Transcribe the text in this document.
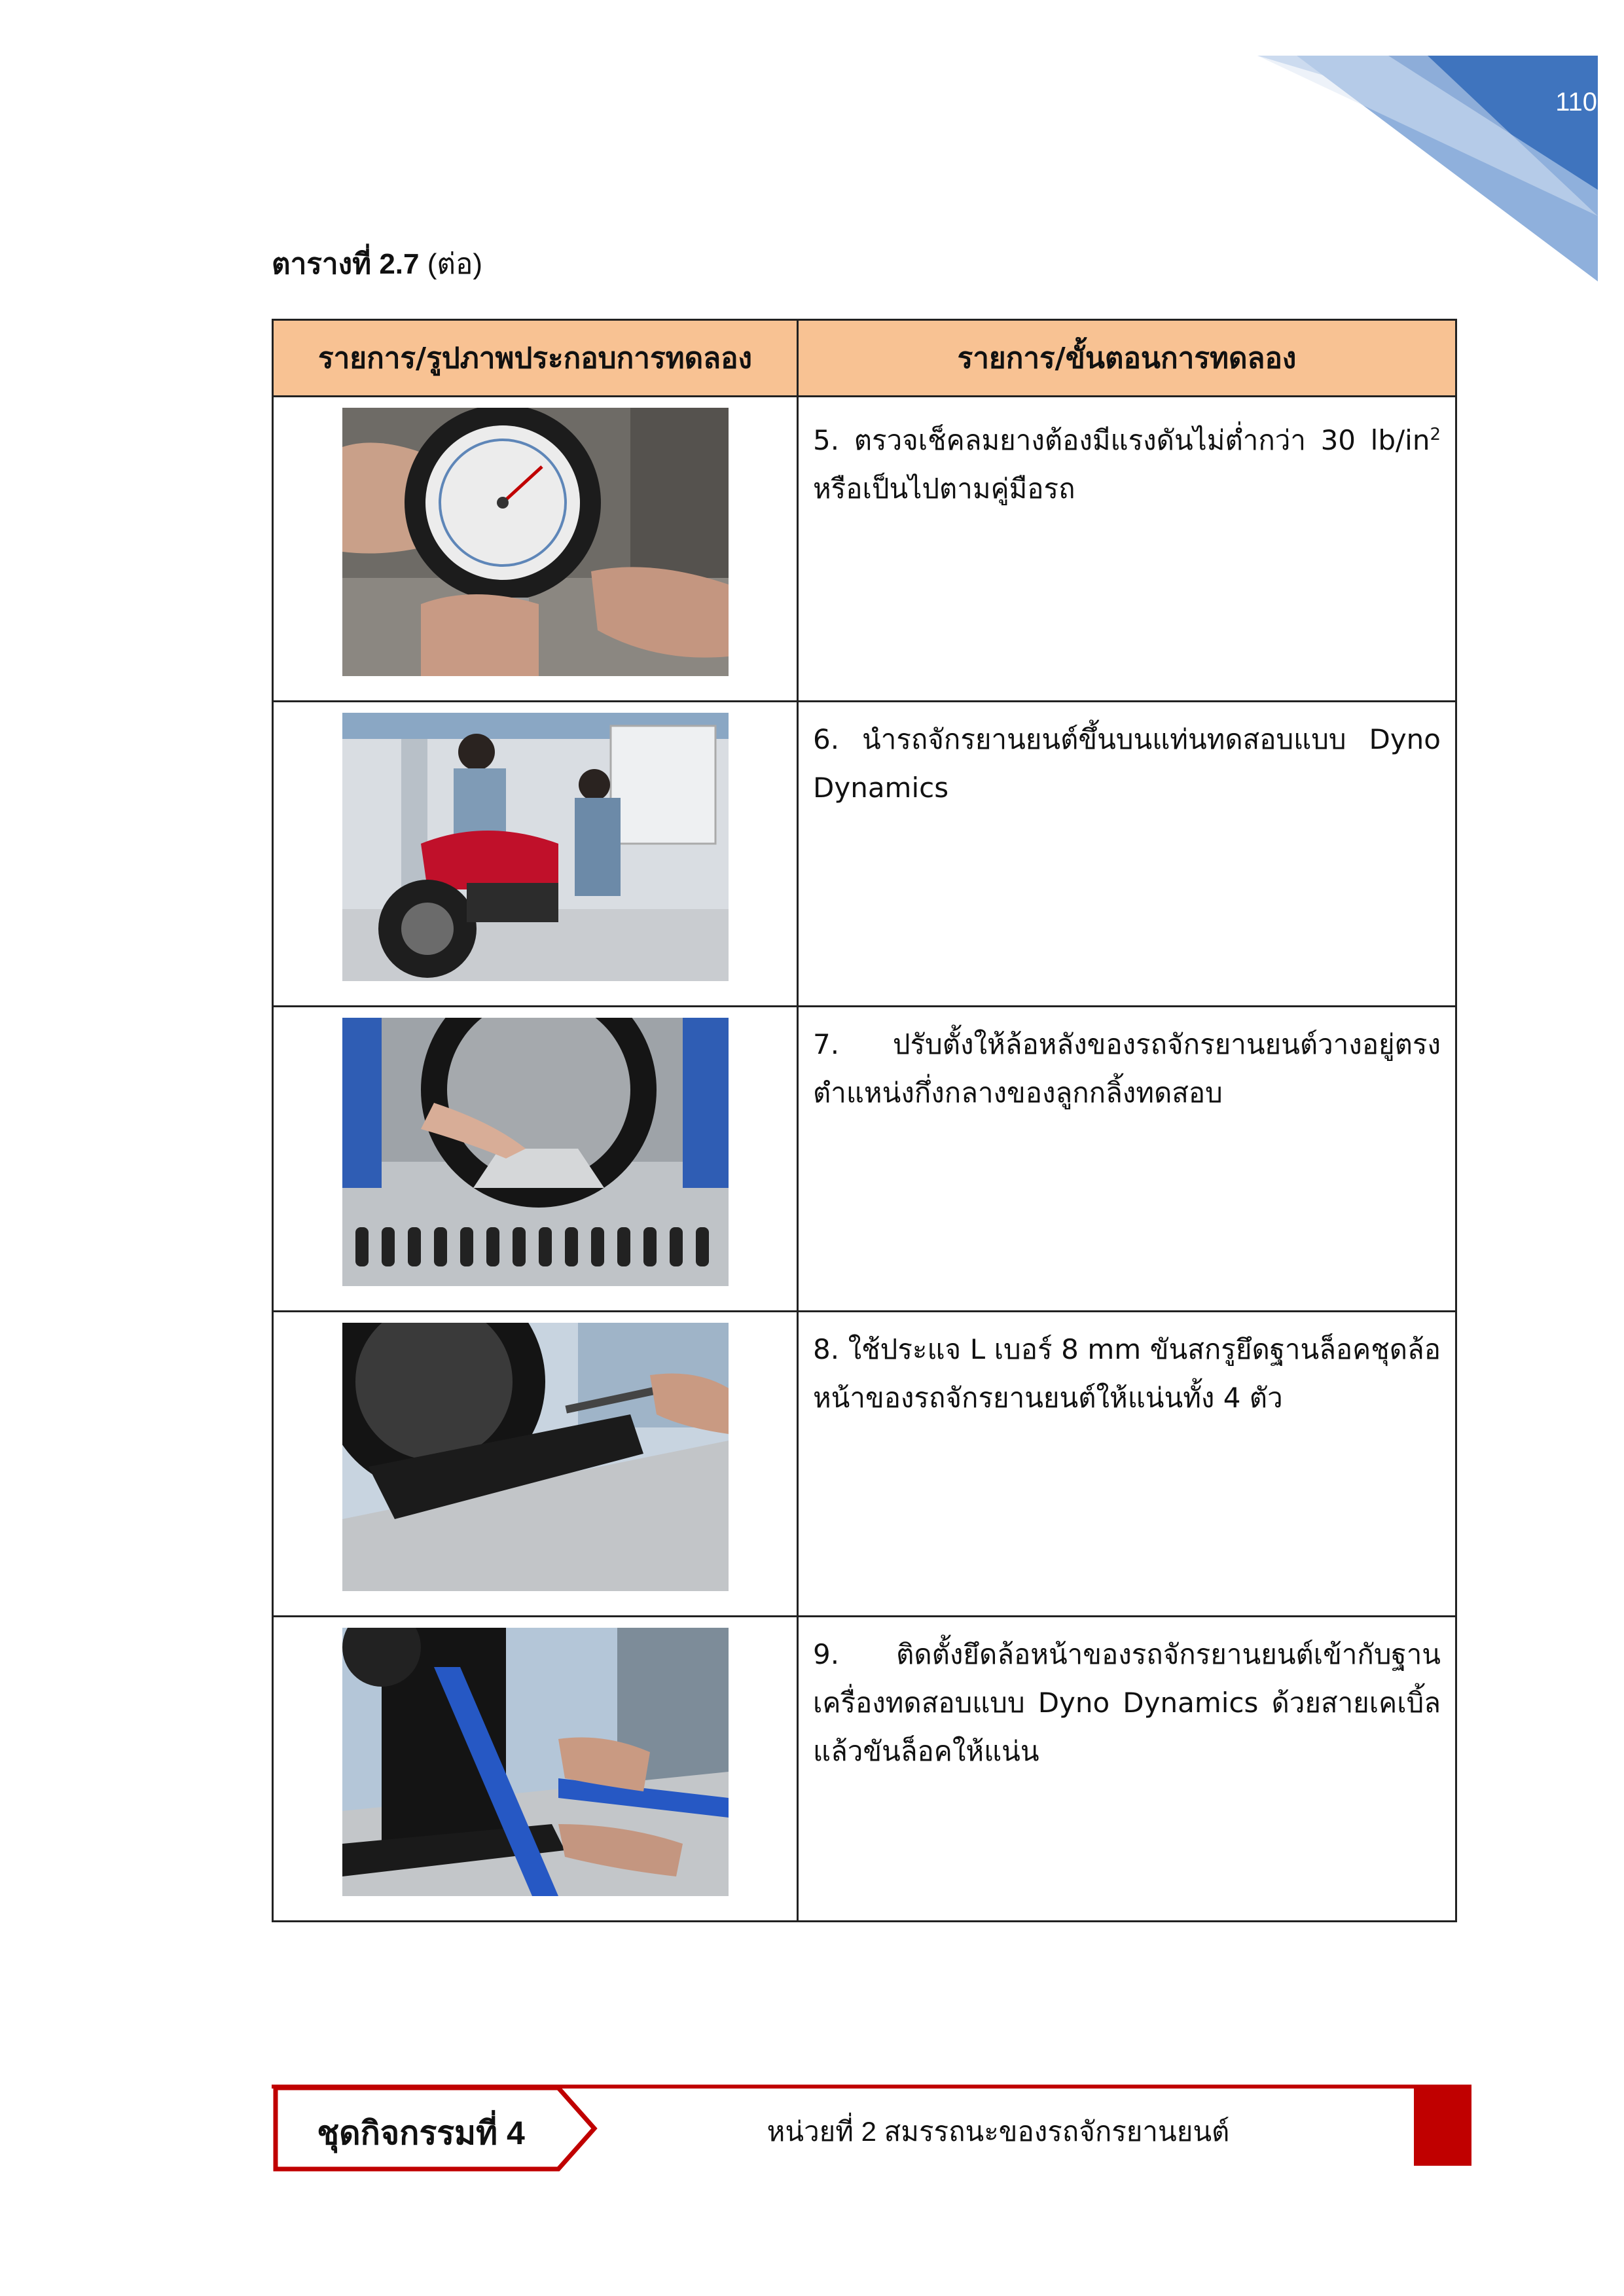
110
ตารางที่ 2.7 (ต่อ)
รายการ/รูปภาพประกอบการทดลอง	รายการ/ขั้นตอนการทดลอง

	5. ตรวจเช็คลมยางต้องมีแรงดันไม่ต่ำกว่า 30 $lb/in^2$ หรือเป็นไปตามคู่มือรถ

	6. นำรถจักรยานยนต์ขึ้นบนแท่นทดสอบแบบ Dyno Dynamics

	7. ปรับตั้งให้ล้อหลังของรถจักรยานยนต์วางอยู่ตรงตำแหน่งกึ่งกลางของลูกกลิ้งทดสอบ

	8. ใช้ประแจ L เบอร์ 8 mm ขันสกรูยึดฐานล็อคชุดล้อหน้าของรถจักรยานยนต์ให้แน่นทั้ง 4 ตัว

	9. ติดตั้งยึดล้อหน้าของรถจักรยานยนต์เข้ากับฐานเครื่องทดสอบแบบ Dyno Dynamics ด้วยสายเคเบิ้ลแล้วขันล็อคให้แน่น
ชุดกิจกรรมที่ 4	หน่วยที่ 2 สมรรถนะของรถจักรยานยนต์
